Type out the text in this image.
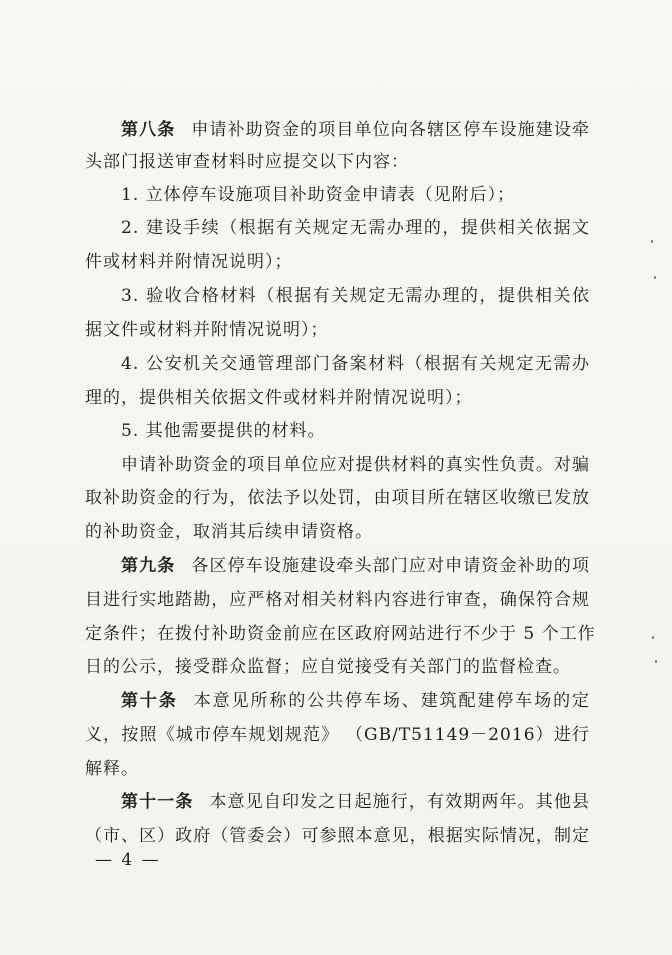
第八条 申请补助资金的项目单位向各辖区停车设施建设牵
头部门报送审查材料时应提交以下内容：
1. 立体停车设施项目补助资金申请表（见附后）；
2. 建设手续（根据有关规定无需办理的，提供相关依据文
件或材料并附情况说明）；
3. 验收合格材料（根据有关规定无需办理的，提供相关依
据文件或材料并附情况说明）；
4. 公安机关交通管理部门备案材料（根据有关规定无需办
理的，提供相关依据文件或材料并附情况说明）；
5. 其他需要提供的材料。
申请补助资金的项目单位应对提供材料的真实性负责。对骗
取补助资金的行为，依法予以处罚，由项目所在辖区收缴已发放
的补助资金，取消其后续申请资格。
第九条 各区停车设施建设牵头部门应对申请资金补助的项
目进行实地踏勘，应严格对相关材料内容进行审查，确保符合规
定条件；在拨付补助资金前应在区政府网站进行不少于 5 个工作
日的公示，接受群众监督；应自觉接受有关部门的监督检查。
第十条 本意见所称的公共停车场、建筑配建停车场的定
义，按照《城市停车规划规范》 （GB/T51149－2016）进行
解释。
第十一条 本意见自印发之日起施行，有效期两年。其他县
（市、区）政府（管委会）可参照本意见，根据实际情况，制定
— 4 —
